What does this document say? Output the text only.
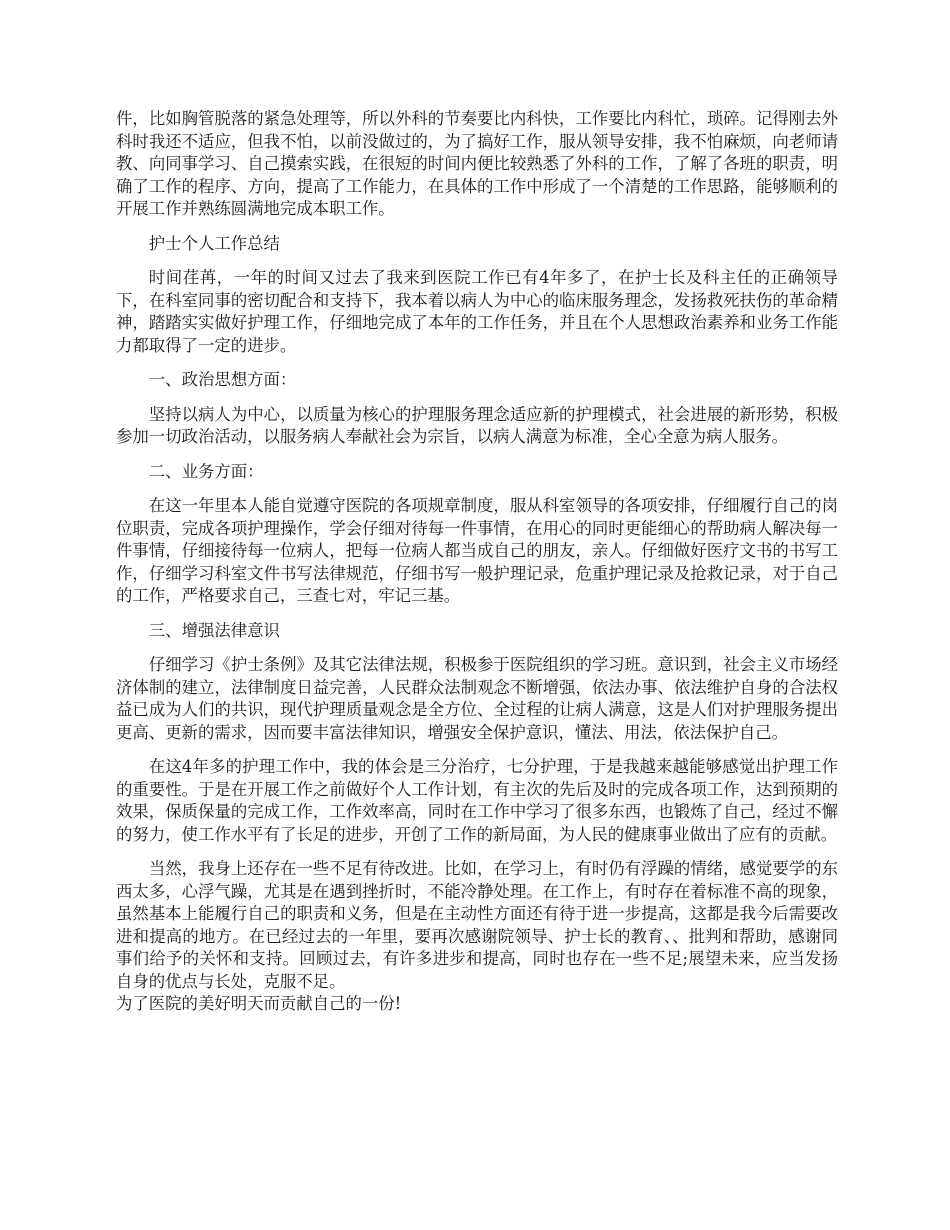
件，比如胸管脱落的紧急处理等，所以外科的节奏要比内科快，工作要比内科忙，琐碎。记得刚去外科时我还不适应，但我不怕，以前没做过的，为了搞好工作，服从领导安排，我不怕麻烦，向老师请教、向同事学习、自己摸索实践，在很短的时间内便比较熟悉了外科的工作，了解了各班的职责，明确了工作的程序、方向，提高了工作能力，在具体的工作中形成了一个清楚的工作思路，能够顺利的开展工作并熟练圆满地完成本职工作。

护士个人工作总结

时间荏苒，一年的时间又过去了我来到医院工作已有4年多了，在护士长及科主任的正确领导下，在科室同事的密切配合和支持下，我本着以病人为中心的临床服务理念，发扬救死扶伤的革命精神，踏踏实实做好护理工作，仔细地完成了本年的工作任务，并且在个人思想政治素养和业务工作能力都取得了一定的进步。

一、政治思想方面：

坚持以病人为中心，以质量为核心的护理服务理念适应新的护理模式，社会进展的新形势，积极参加一切政治活动，以服务病人奉献社会为宗旨，以病人满意为标准，全心全意为病人服务。

二、业务方面：

在这一年里本人能自觉遵守医院的各项规章制度，服从科室领导的各项安排，仔细履行自己的岗位职责，完成各项护理操作，学会仔细对待每一件事情，在用心的同时更能细心的帮助病人解决每一件事情，仔细接待每一位病人，把每一位病人都当成自己的朋友，亲人。仔细做好医疗文书的书写工作，仔细学习科室文件书写法律规范，仔细书写一般护理记录，危重护理记录及抢救记录，对于自己的工作，严格要求自己，三查七对，牢记三基。

三、增强法律意识

仔细学习《护士条例》及其它法律法规，积极参于医院组织的学习班。意识到，社会主义市场经济体制的建立，法律制度日益完善，人民群众法制观念不断增强，依法办事、依法维护自身的合法权益已成为人们的共识，现代护理质量观念是全方位、全过程的让病人满意，这是人们对护理服务提出更高、更新的需求，因而要丰富法律知识，增强安全保护意识，懂法、用法，依法保护自己。

在这4年多的护理工作中，我的体会是三分治疗，七分护理，于是我越来越能够感觉出护理工作的重要性。于是在开展工作之前做好个人工作计划，有主次的先后及时的完成各项工作，达到预期的效果，保质保量的完成工作，工作效率高，同时在工作中学习了很多东西，也锻炼了自己，经过不懈的努力，使工作水平有了长足的进步，开创了工作的新局面，为人民的健康事业做出了应有的贡献。

当然，我身上还存在一些不足有待改进。比如，在学习上，有时仍有浮躁的情绪，感觉要学的东西太多，心浮气躁，尤其是在遇到挫折时，不能冷静处理。在工作上，有时存在着标准不高的现象，虽然基本上能履行自己的职责和义务，但是在主动性方面还有待于进一步提高，这都是我今后需要改进和提高的地方。在已经过去的一年里，要再次感谢院领导、护士长的教育、、批判和帮助，感谢同事们给予的关怀和支持。回顾过去，有许多进步和提高，同时也存在一些不足;展望未来，应当发扬自身的优点与长处，克服不足。

为了医院的美好明天而贡献自己的一份!
